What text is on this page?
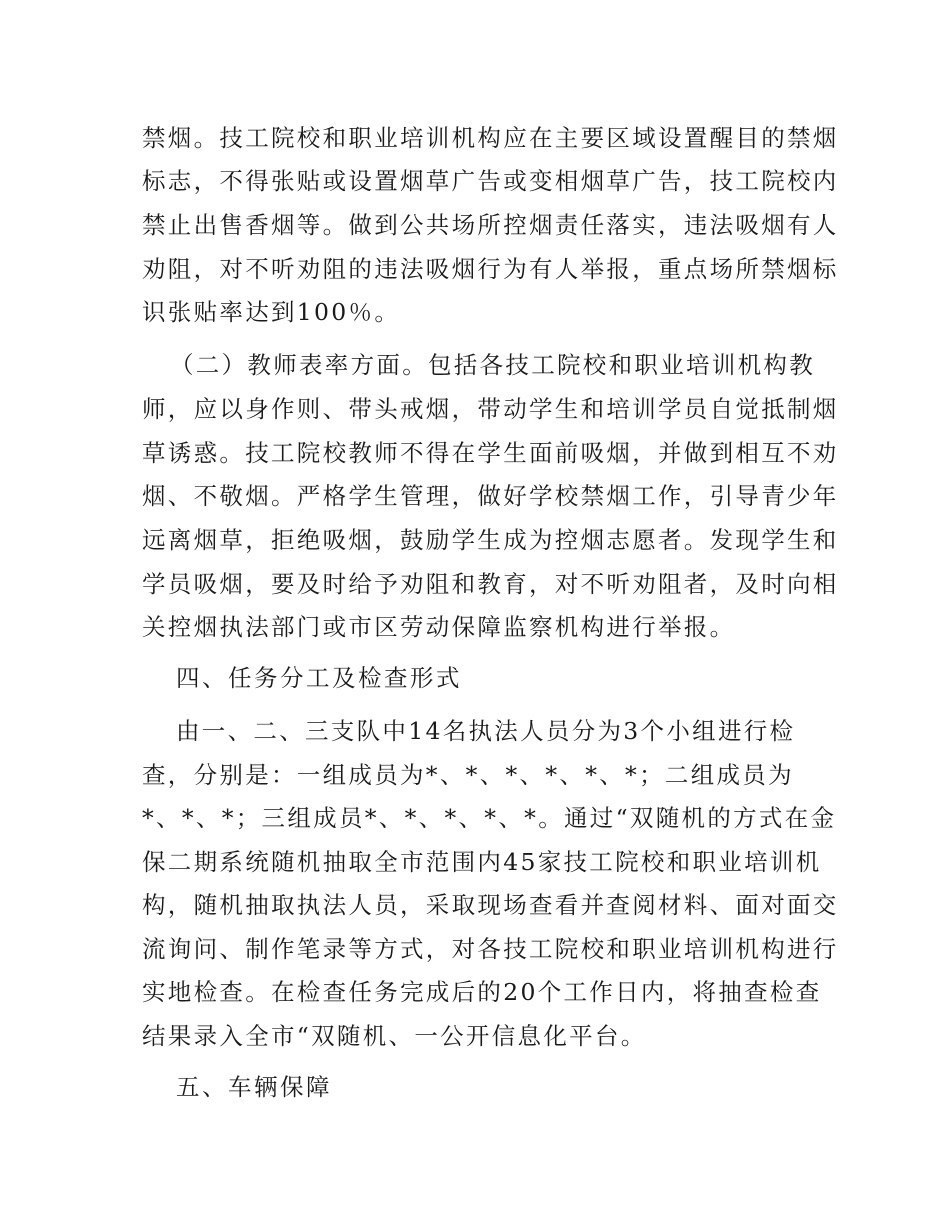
禁烟。技工院校和职业培训机构应在主要区域设置醒目的禁烟
标志，不得张贴或设置烟草广告或变相烟草广告，技工院校内
禁止出售香烟等。做到公共场所控烟责任落实，违法吸烟有人
劝阻，对不听劝阻的违法吸烟行为有人举报，重点场所禁烟标
识张贴率达到100％。
（二）教师表率方面。包括各技工院校和职业培训机构教
师，应以身作则、带头戒烟，带动学生和培训学员自觉抵制烟
草诱惑。技工院校教师不得在学生面前吸烟，并做到相互不劝
烟、不敬烟。严格学生管理，做好学校禁烟工作，引导青少年
远离烟草，拒绝吸烟，鼓励学生成为控烟志愿者。发现学生和
学员吸烟，要及时给予劝阻和教育，对不听劝阻者，及时向相
关控烟执法部门或市区劳动保障监察机构进行举报。
四、任务分工及检查形式
由一、二、三支队中14名执法人员分为3个小组进行检
查，分别是：一组成员为*、*、*、*、*、*；二组成员为
*、*、*；三组成员*、*、*、*、*。通过“双随机的方式在金
保二期系统随机抽取全市范围内45家技工院校和职业培训机
构，随机抽取执法人员，采取现场查看并查阅材料、面对面交
流询问、制作笔录等方式，对各技工院校和职业培训机构进行
实地检查。在检查任务完成后的20个工作日内，将抽查检查
结果录入全市“双随机、一公开信息化平台。
五、车辆保障
